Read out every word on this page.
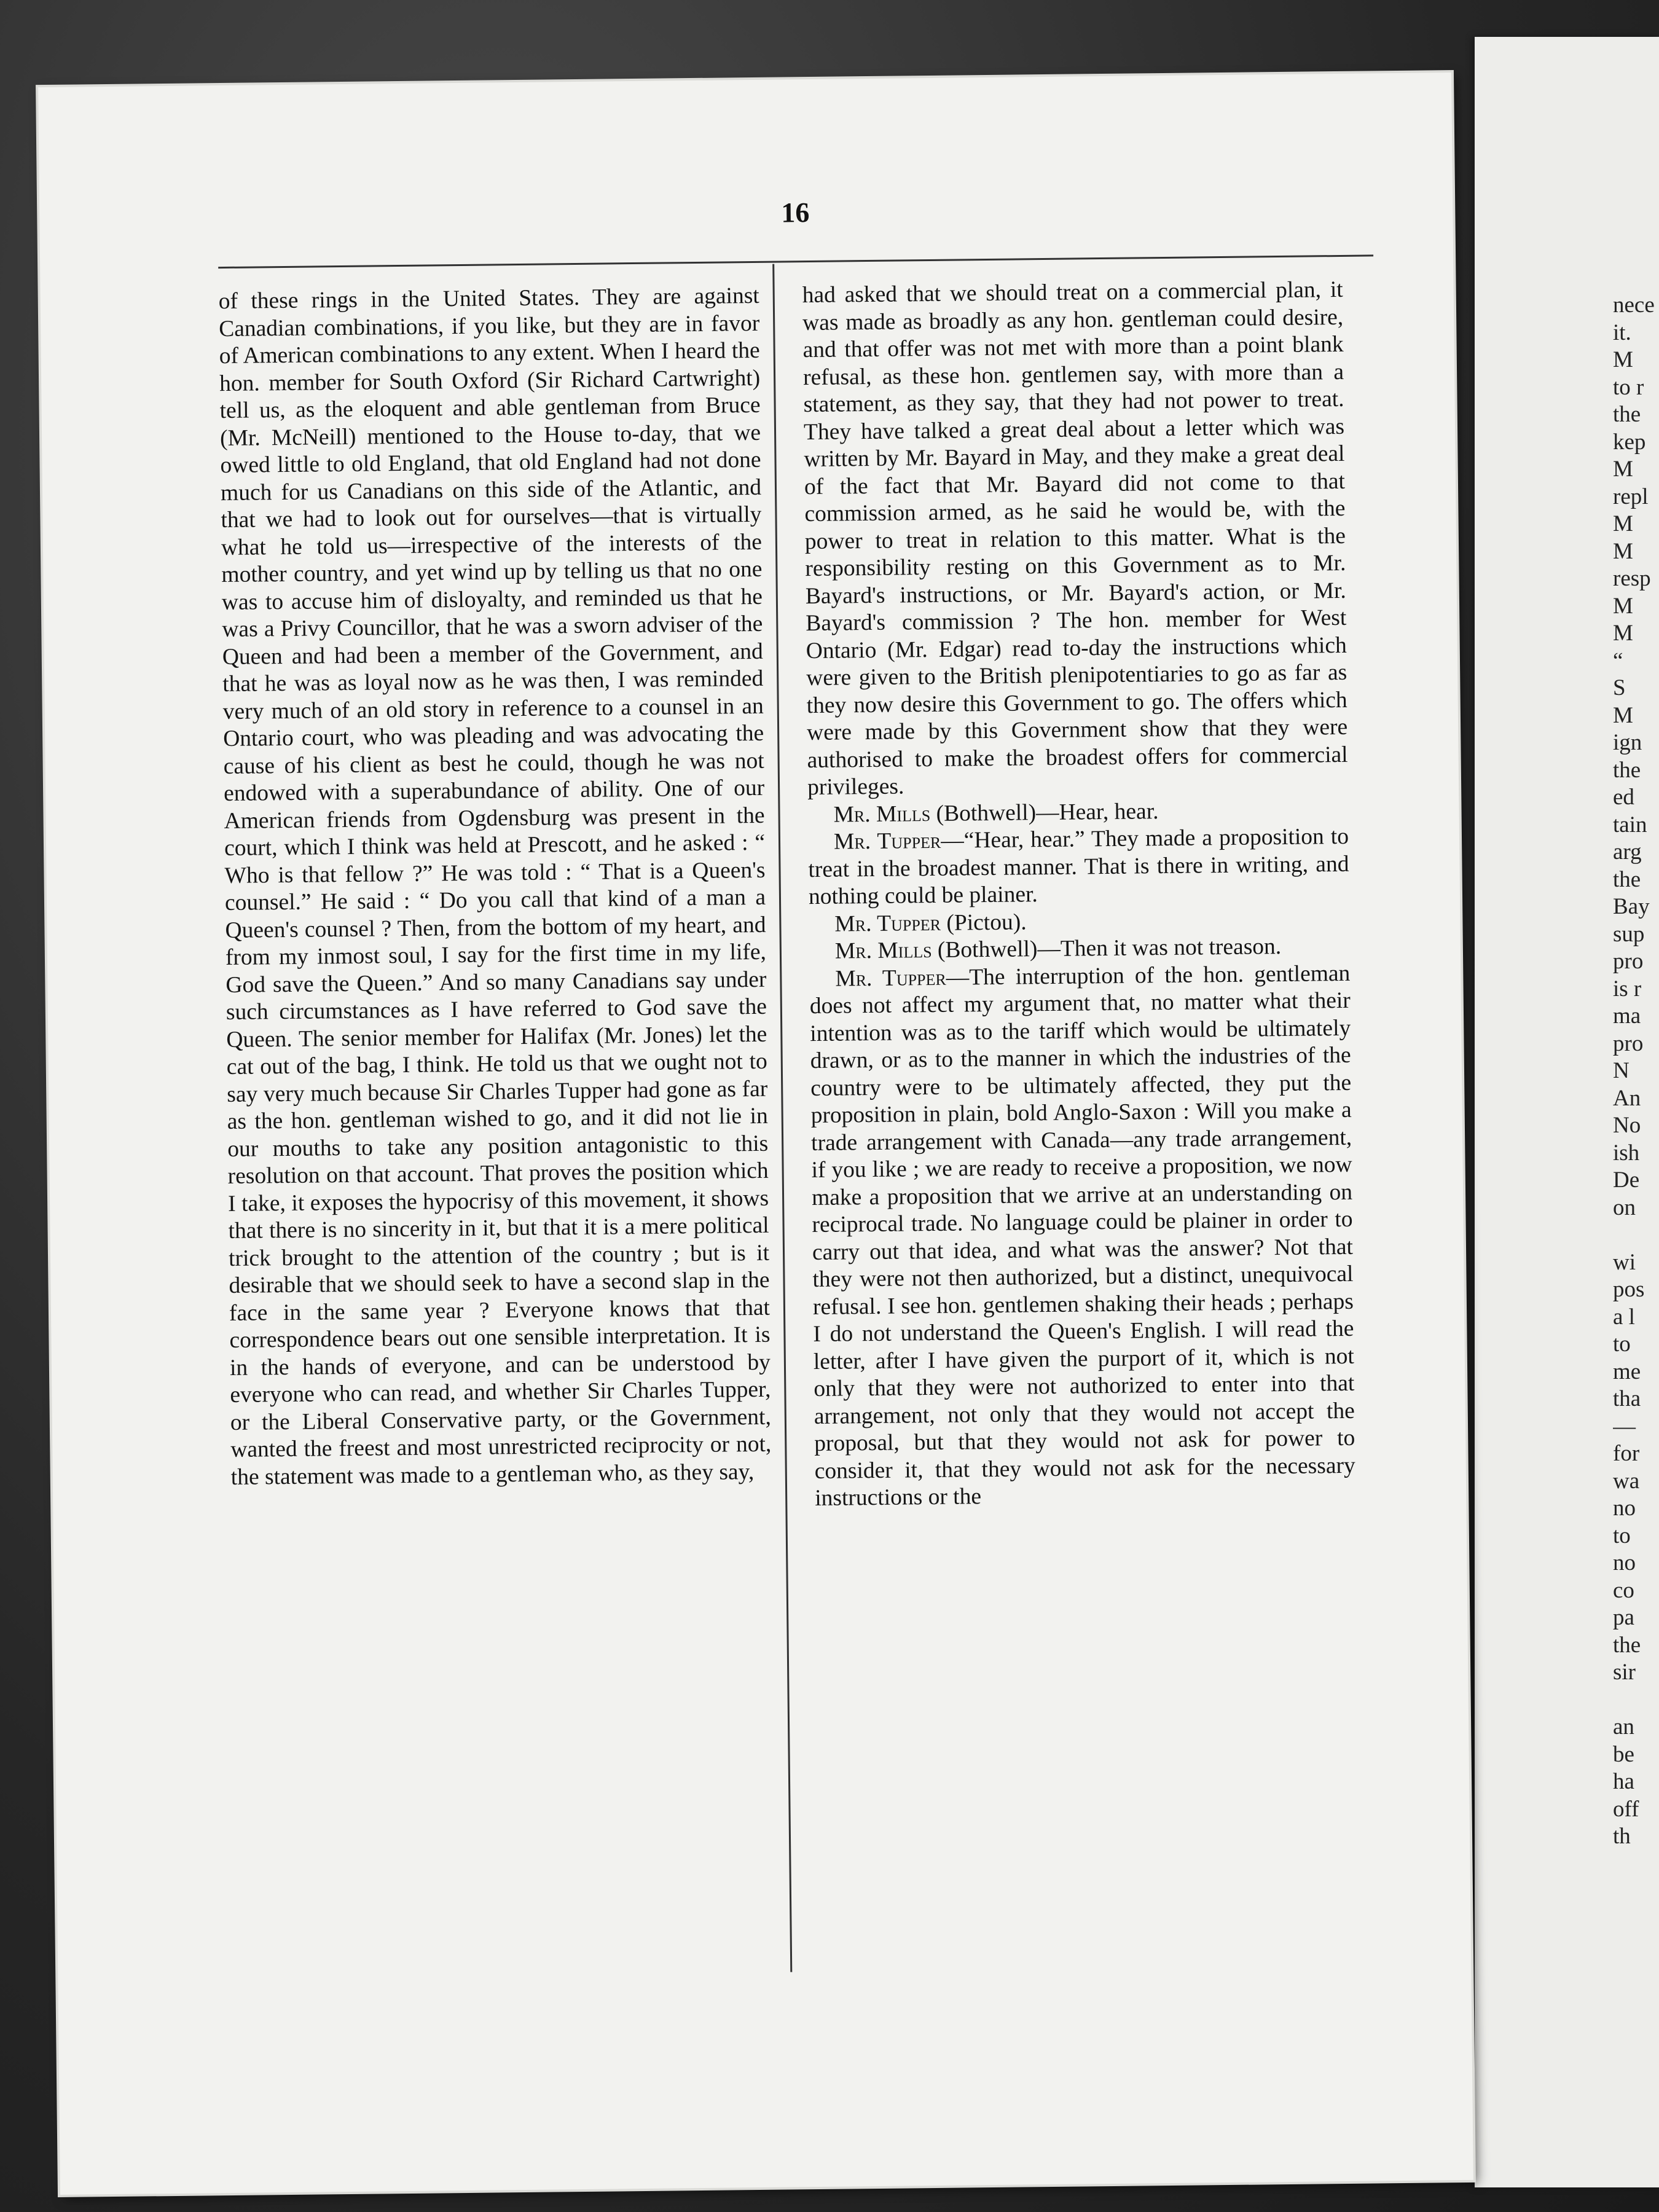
nece
it.
M
to r
the
kep
M
repl
M
M
resp
M
M
“
S
M
ign
the
ed
tain
arg
the
Bay
sup
pro
is r
ma
pro
N
An
No
ish
De
on
wi
pos
a l
to
me
tha
—
for
wa
no
to
no
co
pa
the
sir
an
be
ha
off
th
16

of these rings in the United States. They are against Canadian combinations, if you like, but they are in favor of American combinations to any extent. When I heard the hon. member for South Oxford (Sir Richard Cartwright) tell us, as the eloquent and able gentleman from Bruce (Mr. McNeill) mentioned to the House to-day, that we owed little to old England, that old England had not done much for us Canadians on this side of the Atlantic, and that we had to look out for ourselves—that is virtually what he told us—irrespective of the interests of the mother country, and yet wind up by telling us that no one was to accuse him of disloyalty, and reminded us that he was a Privy Councillor, that he was a sworn adviser of the Queen and had been a member of the Government, and that he was as loyal now as he was then, I was reminded very much of an old story in reference to a counsel in an Ontario court, who was pleading and was advocating the cause of his client as best he could, though he was not endowed with a superabundance of ability. One of our American friends from Ogdensburg was present in the court, which I think was held at Prescott, and he asked : “ Who is that fellow ?” He was told : “ That is a Queen's counsel.” He said : “ Do you call that kind of a man a Queen's counsel ? Then, from the bottom of my heart, and from my inmost soul, I say for the first time in my life, God save the Queen.” And so many Canadians say under such circumstances as I have referred to God save the Queen. The senior member for Halifax (Mr. Jones) let the cat out of the bag, I think. He told us that we ought not to say very much because Sir Charles Tupper had gone as far as the hon. gentleman wished to go, and it did not lie in our mouths to take any position antagonistic to this resolution on that account. That proves the position which I take, it exposes the hypocrisy of this movement, it shows that there is no sincerity in it, but that it is a mere political trick brought to the attention of the country ; but is it desirable that we should seek to have a second slap in the face in the same year ? Everyone knows that that correspondence bears out one sensible interpretation. It is in the hands of everyone, and can be understood by everyone who can read, and whether Sir Charles Tupper, or the Liberal Conservative party, or the Government, wanted the freest and most unrestricted reciprocity or not, the statement was made to a gentleman who, as they say,

had asked that we should treat on a commercial plan, it was made as broadly as any hon. gentleman could desire, and that offer was not met with more than a point blank refusal, as these hon. gentlemen say, with more than a statement, as they say, that they had not power to treat. They have talked a great deal about a letter which was written by Mr. Bayard in May, and they make a great deal of the fact that Mr. Bayard did not come to that commission armed, as he said he would be, with the power to treat in relation to this matter. What is the responsibility resting on this Government as to Mr. Bayard's instructions, or Mr. Bayard's action, or Mr. Bayard's commission ? The hon. member for West Ontario (Mr. Edgar) read to-day the instructions which were given to the British plenipotentiaries to go as far as they now desire this Government to go. The offers which were made by this Government show that they were authorised to make the broadest offers for commercial privileges.

Mr. Mills (Bothwell)—Hear, hear.

Mr. Tupper—“Hear, hear.” They made a proposition to treat in the broadest manner. That is there in writing, and nothing could be plainer.

Mr. Tupper (Pictou).

Mr. Mills (Bothwell)—Then it was not treason.

Mr. Tupper—The interruption of the hon. gentleman does not affect my argument that, no matter what their intention was as to the tariff which would be ultimately drawn, or as to the manner in which the industries of the country were to be ultimately affected, they put the proposition in plain, bold Anglo-Saxon : Will you make a trade arrangement with Canada—any trade arrangement, if you like ; we are ready to receive a proposition, we now make a proposition that we arrive at an understanding on reciprocal trade. No language could be plainer in order to carry out that idea, and what was the answer? Not that they were not then authorized, but a distinct, unequivocal refusal. I see hon. gentlemen shaking their heads ; perhaps I do not understand the Queen's English. I will read the letter, after I have given the purport of it, which is not only that they were not authorized to enter into that arrangement, not only that they would not accept the proposal, but that they would not ask for power to consider it, that they would not ask for the necessary instructions or the
